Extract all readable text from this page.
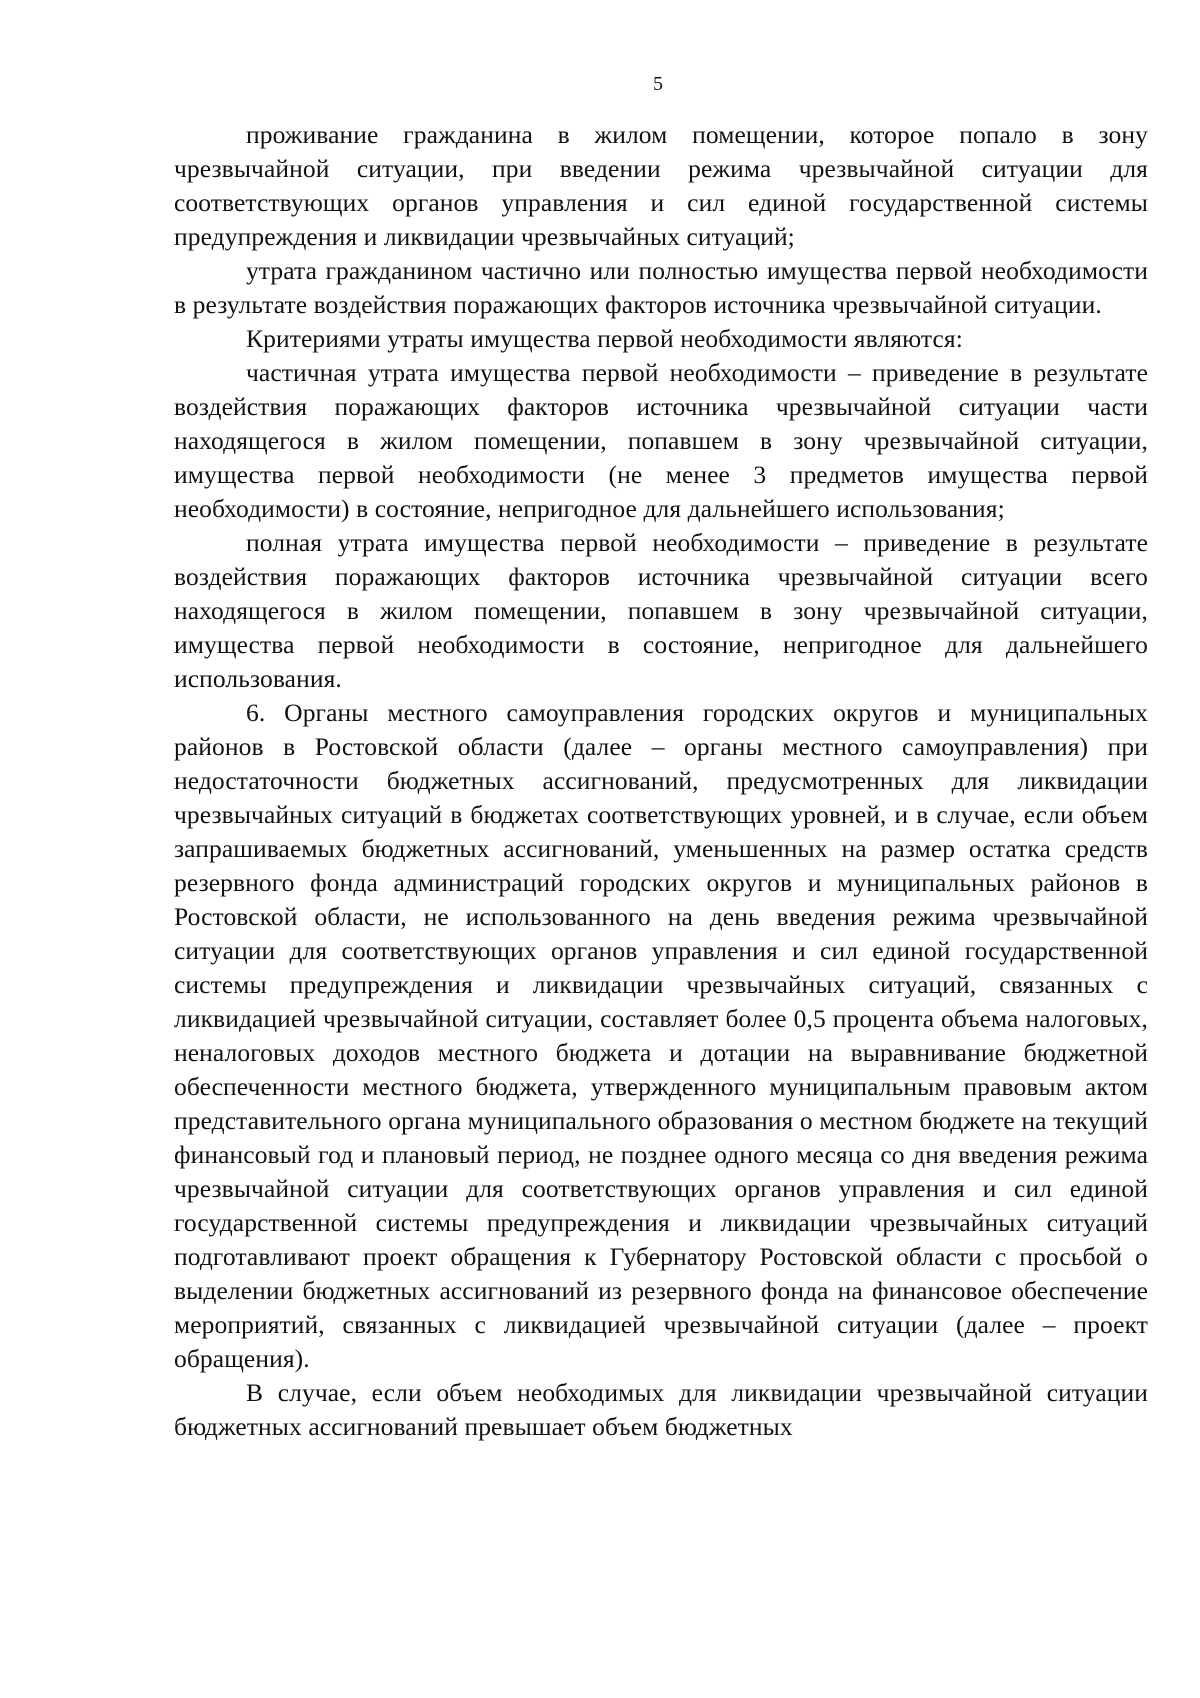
5

проживание гражданина в жилом помещении, которое попало в зону чрезвычайной ситуации, при введении режима чрезвычайной ситуации для соответствующих органов управления и сил единой государственной системы предупреждения и ликвидации чрезвычайных ситуаций;

утрата гражданином частично или полностью имущества первой необходимости в результате воздействия поражающих факторов источника чрезвычайной ситуации.

Критериями утраты имущества первой необходимости являются:

частичная утрата имущества первой необходимости – приведение в результате воздействия поражающих факторов источника чрезвычайной ситуации части находящегося в жилом помещении, попавшем в зону чрезвычайной ситуации, имущества первой необходимости (не менее 3 предметов имущества первой необходимости) в состояние, непригодное для дальнейшего использования;

полная утрата имущества первой необходимости – приведение в результате воздействия поражающих факторов источника чрезвычайной ситуации всего находящегося в жилом помещении, попавшем в зону чрезвычайной ситуации, имущества первой необходимости в состояние, непригодное для дальнейшего использования.

6. Органы местного самоуправления городских округов и муниципальных районов в Ростовской области (далее – органы местного самоуправления) при недостаточности бюджетных ассигнований, предусмотренных для ликвидации чрезвычайных ситуаций в бюджетах соответствующих уровней, и в случае, если объем запрашиваемых бюджетных ассигнований, уменьшенных на размер остатка средств резервного фонда администраций городских округов и муниципальных районов в Ростовской области, не использованного на день введения режима чрезвычайной ситуации для соответствующих органов управления и сил единой государственной системы предупреждения и ликвидации чрезвычайных ситуаций, связанных с ликвидацией чрезвычайной ситуации, составляет более 0,5 процента объема налоговых, неналоговых доходов местного бюджета и дотации на выравнивание бюджетной обеспеченности местного бюджета, утвержденного муниципальным правовым актом представительного органа муниципального образования о местном бюджете на текущий финансовый год и плановый период, не позднее одного месяца со дня введения режима чрезвычайной ситуации для соответствующих органов управления и сил единой государственной системы предупреждения и ликвидации чрезвычайных ситуаций подготавливают проект обращения к Губернатору Ростовской области с просьбой о выделении бюджетных ассигнований из резервного фонда на финансовое обеспечение мероприятий, связанных с ликвидацией чрезвычайной ситуации (далее – проект обращения).

В случае, если объем необходимых для ликвидации чрезвычайной ситуации бюджетных ассигнований превышает объем бюджетных
